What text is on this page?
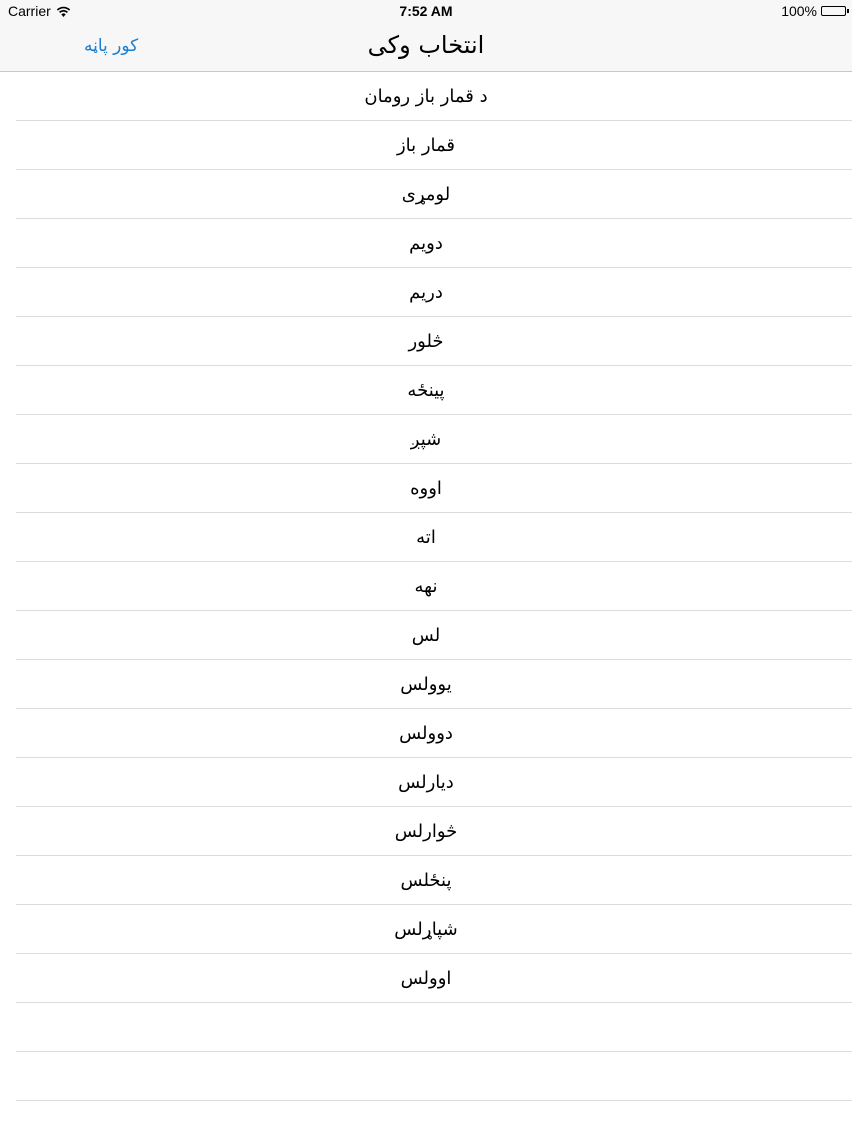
Carrier	7:52 AM	100%
کور پاڼه	انتخاب وکی
د قمار باز رومان
قمار باز
لومړی
دویم
دریم
څلور
پینځه
شپږ
اووه
اته
نهه
لس
یوولس
دوولس
دیارلس
څوارلس
پنځلس
شپاړلس
اوولس
